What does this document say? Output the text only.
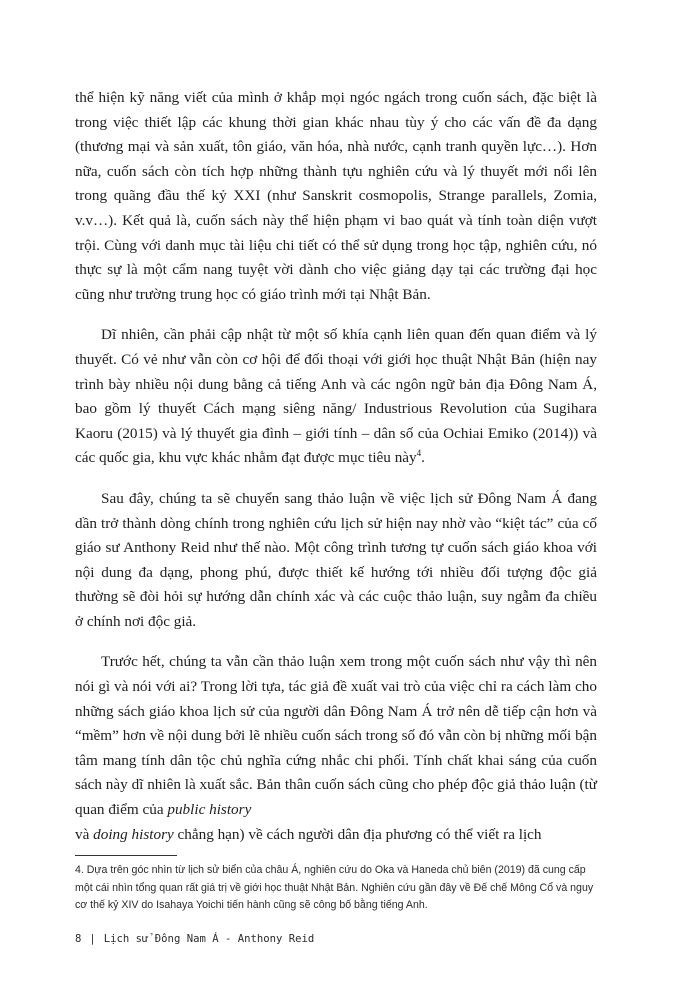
thể hiện kỹ năng viết của mình ở khắp mọi ngóc ngách trong cuốn sách, đặc biệt là trong việc thiết lập các khung thời gian khác nhau tùy ý cho các vấn đề đa dạng (thương mại và sản xuất, tôn giáo, văn hóa, nhà nước, cạnh tranh quyền lực…). Hơn nữa, cuốn sách còn tích hợp những thành tựu nghiên cứu và lý thuyết mới nổi lên trong quãng đầu thế kỷ XXI (như Sanskrit cosmopolis, Strange parallels, Zomia, v.v…). Kết quả là, cuốn sách này thể hiện phạm vi bao quát và tính toàn diện vượt trội. Cùng với danh mục tài liệu chi tiết có thể sử dụng trong học tập, nghiên cứu, nó thực sự là một cẩm nang tuyệt vời dành cho việc giảng dạy tại các trường đại học cũng như trường trung học có giáo trình mới tại Nhật Bản.

Dĩ nhiên, cần phải cập nhật từ một số khía cạnh liên quan đến quan điểm và lý thuyết. Có vẻ như vẫn còn cơ hội để đối thoại với giới học thuật Nhật Bản (hiện nay trình bày nhiều nội dung bằng cả tiếng Anh và các ngôn ngữ bản địa Đông Nam Á, bao gồm lý thuyết Cách mạng siêng năng/ Industrious Revolution của Sugihara Kaoru (2015) và lý thuyết gia đình – giới tính – dân số của Ochiai Emiko (2014)) và các quốc gia, khu vực khác nhằm đạt được mục tiêu này$^4$.

Sau đây, chúng ta sẽ chuyển sang thảo luận về việc lịch sử Đông Nam Á đang dần trở thành dòng chính trong nghiên cứu lịch sử hiện nay nhờ vào “kiệt tác” của cố giáo sư Anthony Reid như thế nào. Một công trình tương tự cuốn sách giáo khoa với nội dung đa dạng, phong phú, được thiết kế hướng tới nhiều đối tượng độc giả thường sẽ đòi hỏi sự hướng dẫn chính xác và các cuộc thảo luận, suy ngẫm đa chiều ở chính nơi độc giả.

Trước hết, chúng ta vẫn cần thảo luận xem trong một cuốn sách như vậy thì nên nói gì và nói với ai? Trong lời tựa, tác giả đề xuất vai trò của việc chỉ ra cách làm cho những sách giáo khoa lịch sử của người dân Đông Nam Á trở nên dễ tiếp cận hơn và “mềm” hơn về nội dung bởi lẽ nhiều cuốn sách trong số đó vẫn còn bị những mối bận tâm mang tính dân tộc chủ nghĩa cứng nhắc chi phối. Tính chất khai sáng của cuốn sách này dĩ nhiên là xuất sắc. Bản thân cuốn sách cũng cho phép độc giả thảo luận (từ quan điểm của public history
và doing history chẳng hạn) về cách người dân địa phương có thể viết ra lịch

4. Dựa trên góc nhìn từ lịch sử biển của châu Á, nghiên cứu do Oka và Haneda chủ biên (2019) đã cung cấp một cái nhìn tổng quan rất giá trị về giới học thuật Nhật Bản. Nghiên cứu gần đây về Đế chế Mông Cổ và nguy cơ thế kỷ XIV do Isahaya Yoichi tiến hành cũng sẽ công bố bằng tiếng Anh.

8 | Lịch sử Đông Nam Á - Anthony Reid
